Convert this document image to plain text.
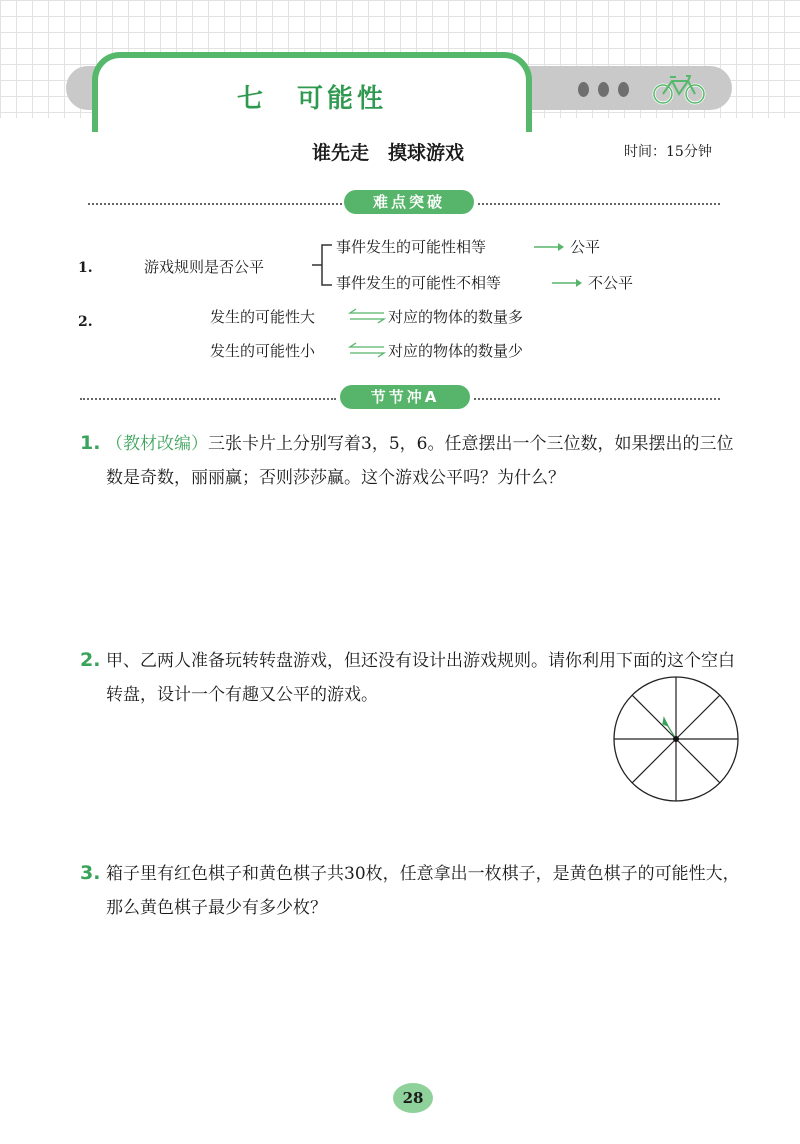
七　可能性
谁先走　摸球游戏	时间：15分钟
难点突破
1.	游戏规则是否公平
事件发生的可能性相等	公平
事件发生的可能性不相等	不公平
2.	发生的可能性大	对应的物体的数量多
发生的可能性小	对应的物体的数量少
节节冲A
1. （教材改编）三张卡片上分别写着3，5，6。任意摆出一个三位数，如果摆出的三位数是奇数，丽丽赢；否则莎莎赢。这个游戏公平吗？为什么？
2. 甲、乙两人准备玩转转盘游戏，但还没有设计出游戏规则。请你利用下面的这个空白转盘，设计一个有趣又公平的游戏。
3. 箱子里有红色棋子和黄色棋子共30枚，任意拿出一枚棋子，是黄色棋子的可能性大，那么黄色棋子最少有多少枚？
28
